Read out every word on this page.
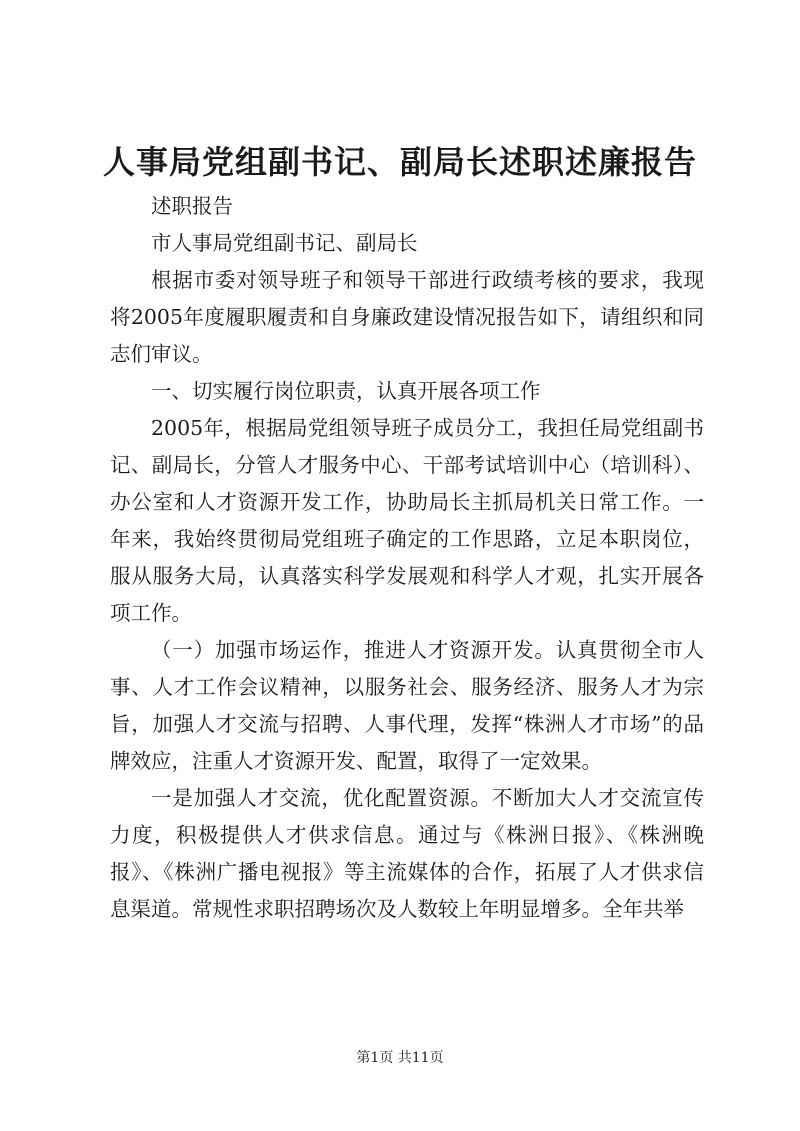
人事局党组副书记、副局长述职述廉报告

述职报告

市人事局党组副书记、副局长

根据市委对领导班子和领导干部进行政绩考核的要求，我现将2005年度履职履责和自身廉政建设情况报告如下，请组织和同志们审议。

一、切实履行岗位职责，认真开展各项工作

2005年，根据局党组领导班子成员分工，我担任局党组副书记、副局长，分管人才服务中心、干部考试培训中心（培训科）、办公室和人才资源开发工作，协助局长主抓局机关日常工作。一年来，我始终贯彻局党组班子确定的工作思路，立足本职岗位，服从服务大局，认真落实科学发展观和科学人才观，扎实开展各项工作。

（一）加强市场运作，推进人才资源开发。认真贯彻全市人事、人才工作会议精神，以服务社会、服务经济、服务人才为宗旨，加强人才交流与招聘、人事代理，发挥“株洲人才市场”的品牌效应，注重人才资源开发、配置，取得了一定效果。

一是加强人才交流，优化配置资源。不断加大人才交流宣传力度，积极提供人才供求信息。通过与《株洲日报》、《株洲晚报》、《株洲广播电视报》等主流媒体的合作，拓展了人才供求信息渠道。常规性求职招聘场次及人数较上年明显增多。全年共举

第1页 共11页
